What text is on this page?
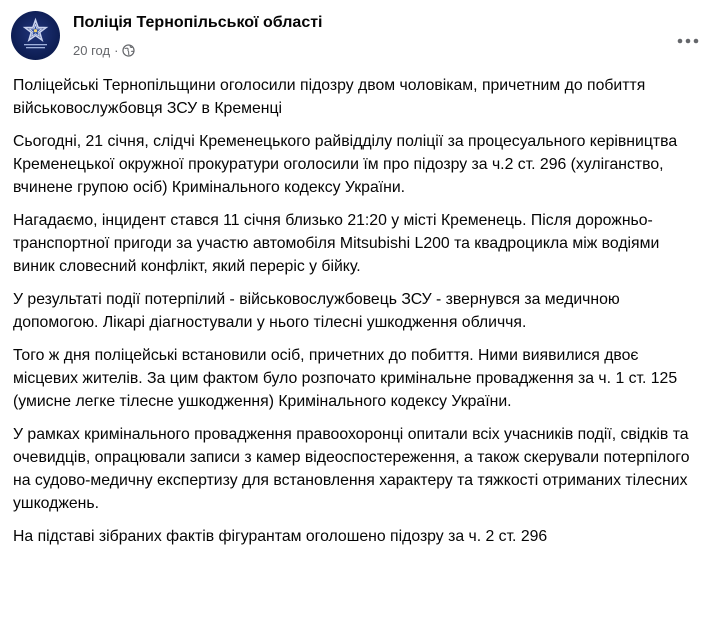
Поліція Тернопільської області
20 год ·

Поліцейські Тернопільщини оголосили підозру двом чоловікам, причетним до побиття військовослужбовця ЗСУ в Кременці

Сьогодні, 21 січня, слідчі Кременецького райвідділу поліції за процесуального керівництва Кременецької окружної прокуратури оголосили їм про підозру за ч.2 ст. 296 (хуліганство, вчинене групою осіб) Кримінального кодексу України.

Нагадаємо, інцидент стався 11 січня близько 21:20 у місті Кременець. Після дорожньо-транспортної пригоди за участю автомобіля Mitsubishi L200 та квадроцикла між водіями виник словесний конфлікт, який переріс у бійку.

У результаті події потерпілий - військовослужбовець ЗСУ - звернувся за медичною допомогою. Лікарі діагностували у нього тілесні ушкодження обличчя.

Того ж дня поліцейські встановили осіб, причетних до побиття. Ними виявилися двоє місцевих жителів. За цим фактом було розпочато кримінальне провадження за ч. 1 ст. 125 (умисне легке тілесне ушкодження) Кримінального кодексу України.

У рамках кримінального провадження правоохоронці опитали всіх учасників події, свідків та очевидців, опрацювали записи з камер відеоспостереження, а також скерували потерпілого на судово-медичну експертизу для встановлення характеру та тяжкості отриманих тілесних ушкоджень.

На підставі зібраних фактів фігурантам оголошено підозру за ч. 2 ст. 296
